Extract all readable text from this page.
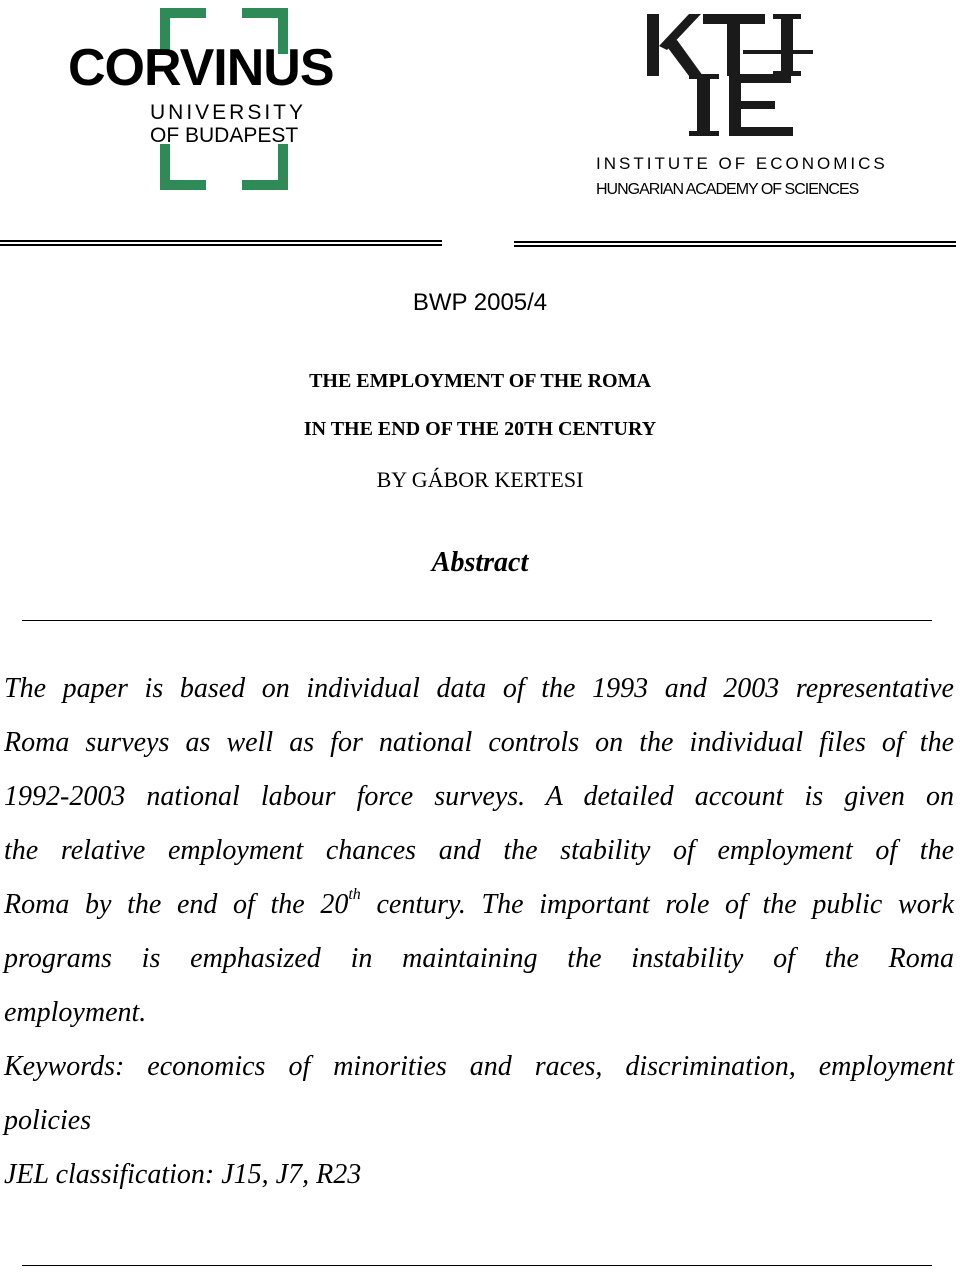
CORVINUS
UNIVERSITY
OF BUDAPEST
INSTITUTE OF ECONOMICS
HUNGARIAN ACADEMY OF SCIENCES
BWP 2005/4
THE EMPLOYMENT OF THE ROMA
IN THE END OF THE 20TH CENTURY
BY GÁBOR KERTESI
Abstract
The paper is based on individual data of the 1993 and 2003 representative
Roma surveys as well as for national controls on the individual files of the
1992-2003 national labour force surveys. A detailed account is given on
the relative employment chances and the stability of employment of the
Roma by the end of the 20th century. The important role of the public work
programs is emphasized in maintaining the instability of the Roma
employment.
Keywords: economics of minorities and races, discrimination, employment
policies
JEL classification: J15, J7, R23
